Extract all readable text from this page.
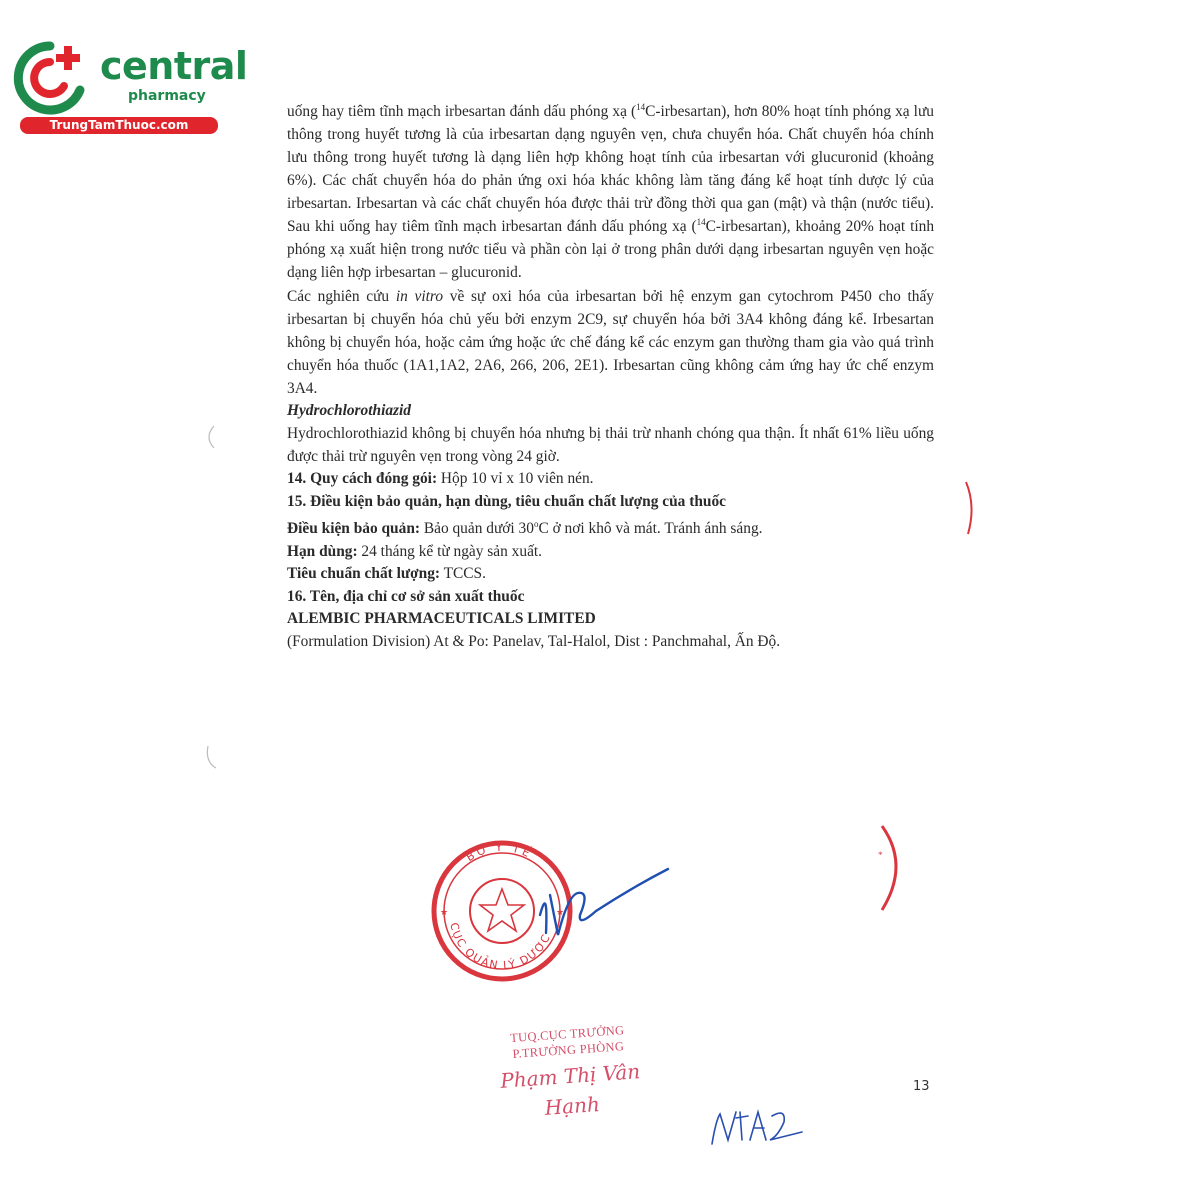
central
pharmacy
TrungTamThuoc.com

uống hay tiêm tĩnh mạch irbesartan đánh dấu phóng xạ ($^{14}$C-irbesartan), hơn 80% hoạt tính phóng xạ lưu thông trong huyết tương là của irbesartan dạng nguyên vẹn, chưa chuyển hóa. Chất chuyển hóa chính lưu thông trong huyết tương là dạng liên hợp không hoạt tính của irbesartan với glucuronid (khoảng 6%). Các chất chuyển hóa do phản ứng oxi hóa khác không làm tăng đáng kể hoạt tính dược lý của irbesartan. Irbesartan và các chất chuyển hóa được thải trừ đồng thời qua gan (mật) và thận (nước tiểu). Sau khi uống hay tiêm tĩnh mạch irbesartan đánh dấu phóng xạ ($^{14}$C-irbesartan), khoảng 20% hoạt tính phóng xạ xuất hiện trong nước tiểu và phần còn lại ở trong phân dưới dạng irbesartan nguyên vẹn hoặc dạng liên hợp irbesartan – glucuronid.

Các nghiên cứu in vitro về sự oxi hóa của irbesartan bởi hệ enzym gan cytochrom P450 cho thấy irbesartan bị chuyển hóa chủ yếu bởi enzym 2C9, sự chuyển hóa bởi 3A4 không đáng kể. Irbesartan không bị chuyển hóa, hoặc cảm ứng hoặc ức chế đáng kể các enzym gan thường tham gia vào quá trình chuyển hóa thuốc (1A1,1A2, 2A6, 266, 206, 2E1). Irbesartan cũng không cảm ứng hay ức chế enzym 3A4.

Hydrochlorothiazid

Hydrochlorothiazid không bị chuyển hóa nhưng bị thải trừ nhanh chóng qua thận. Ít nhất 61% liều uống được thải trừ nguyên vẹn trong vòng 24 giờ.

14. Quy cách đóng gói: Hộp 10 vỉ x 10 viên nén.

15. Điều kiện bảo quản, hạn dùng, tiêu chuẩn chất lượng của thuốc

Điều kiện bảo quản: Bảo quản dưới 30$^o$C ở nơi khô và mát. Tránh ánh sáng.

Hạn dùng: 24 tháng kể từ ngày sản xuất.

Tiêu chuẩn chất lượng: TCCS.

16. Tên, địa chỉ cơ sở sản xuất thuốc

ALEMBIC PHARMACEUTICALS LIMITED

(Formulation Division) At & Po: Panelav, Tal-Halol, Dist : Panchmahal, Ấn Độ.

*
BỘ Y TẾ
CỤC QUẢN LÝ DƯỢC
★	★
TUQ.CỤC TRƯỞNG
P.TRƯỞNG PHÒNG
Phạm Thị Vân Hạnh
13
